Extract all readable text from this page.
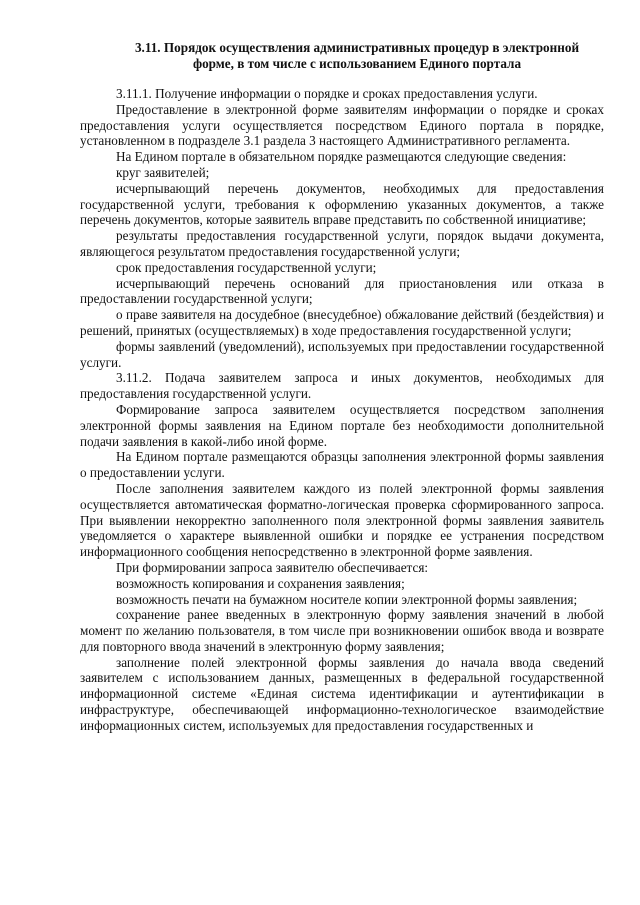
3.11. Порядок осуществления административных процедур в электронной
форме, в том числе с использованием Единого портала

3.11.1. Получение информации о порядке и сроках предоставления услуги.

Предоставление в электронной форме заявителям информации о порядке и сроках предоставления услуги осуществляется посредством Единого портала в порядке, установленном в подразделе 3.1 раздела 3 настоящего Административного регламента.

На Едином портале в обязательном порядке размещаются следующие сведения:

круг заявителей;

исчерпывающий перечень документов, необходимых для предоставления государственной услуги, требования к оформлению указанных документов, а также перечень документов, которые заявитель вправе представить по собственной инициативе;

результаты предоставления государственной услуги, порядок выдачи документа, являющегося результатом предоставления государственной услуги;

срок предоставления государственной услуги;

исчерпывающий перечень оснований для приостановления или отказа в предоставлении государственной услуги;

о праве заявителя на досудебное (внесудебное) обжалование действий (бездействия) и решений, принятых (осуществляемых) в ходе предоставления государственной услуги;

формы заявлений (уведомлений), используемых при предоставлении государственной услуги.

3.11.2. Подача заявителем запроса и иных документов, необходимых для предоставления государственной услуги.

Формирование запроса заявителем осуществляется посредством заполнения электронной формы заявления на Едином портале без необходимости дополнительной подачи заявления в какой-либо иной форме.

На Едином портале размещаются образцы заполнения электронной формы заявления о предоставлении услуги.

После заполнения заявителем каждого из полей электронной формы заявления осуществляется автоматическая форматно-логическая проверка сформированного запроса. При выявлении некорректно заполненного поля электронной формы заявления заявитель уведомляется о характере выявленной ошибки и порядке ее устранения посредством информационного сообщения непосредственно в электронной форме заявления.

При формировании запроса заявителю обеспечивается:

возможность копирования и сохранения заявления;

возможность печати на бумажном носителе копии электронной формы заявления;

сохранение ранее введенных в электронную форму заявления значений в любой момент по желанию пользователя, в том числе при возникновении ошибок ввода и возврате для повторного ввода значений в электронную форму заявления;

заполнение полей электронной формы заявления до начала ввода сведений заявителем с использованием данных, размещенных в федеральной государственной информационной системе «Единая система идентификации и аутентификации в инфраструктуре, обеспечивающей информационно-технологическое взаимодействие информационных систем, используемых для предоставления государственных и
